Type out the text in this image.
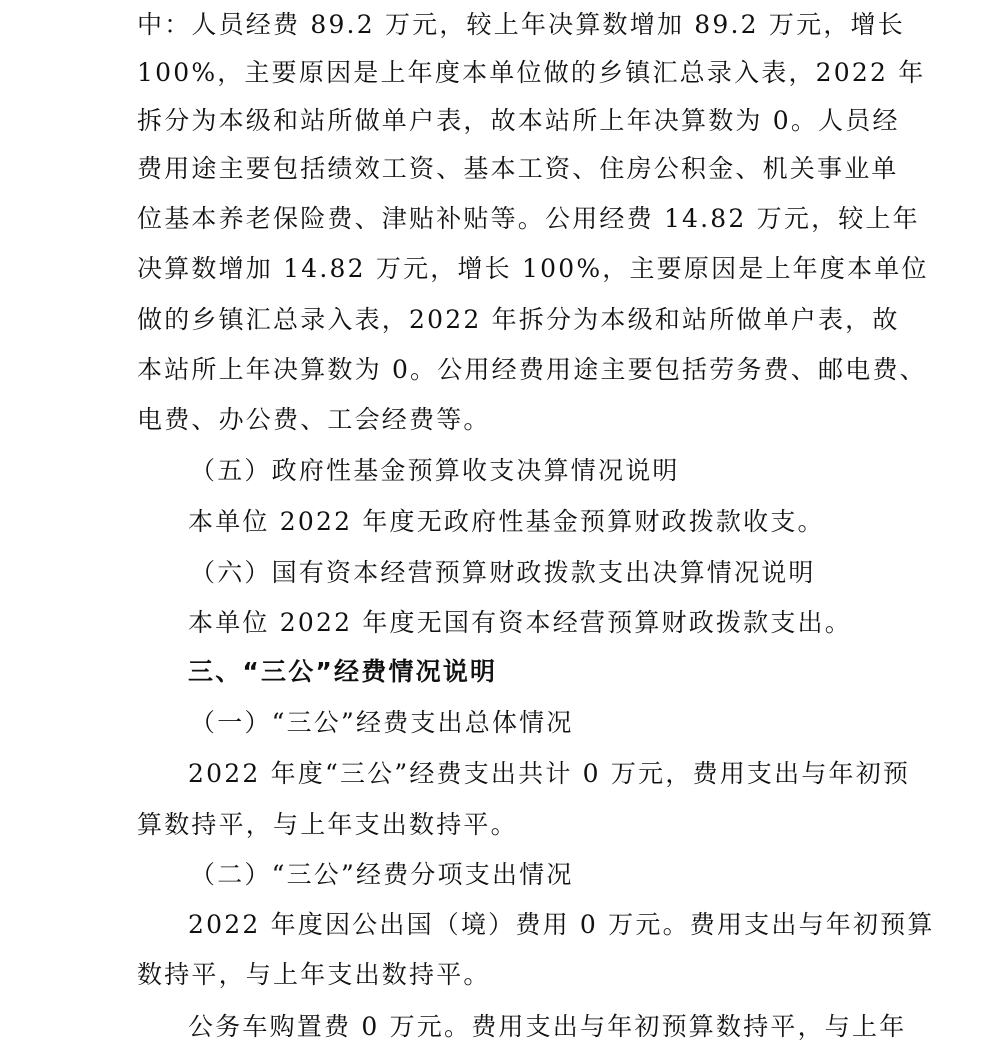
中：人员经费 89.2 万元，较上年决算数增加 89.2 万元，增长
100%，主要原因是上年度本单位做的乡镇汇总录入表，2022 年
拆分为本级和站所做单户表，故本站所上年决算数为 0。人员经
费用途主要包括绩效工资、基本工资、住房公积金、机关事业单
位基本养老保险费、津贴补贴等。公用经费 14.82 万元，较上年
决算数增加 14.82 万元，增长 100%，主要原因是上年度本单位
做的乡镇汇总录入表，2022 年拆分为本级和站所做单户表，故
本站所上年决算数为 0。公用经费用途主要包括劳务费、邮电费、
电费、办公费、工会经费等。
（五）政府性基金预算收支决算情况说明
本单位 2022 年度无政府性基金预算财政拨款收支。
（六）国有资本经营预算财政拨款支出决算情况说明
本单位 2022 年度无国有资本经营预算财政拨款支出。
三、“三公”经费情况说明
（一）“三公”经费支出总体情况
2022 年度“三公”经费支出共计 0 万元，费用支出与年初预
算数持平，与上年支出数持平。
（二）“三公”经费分项支出情况
2022 年度因公出国（境）费用 0 万元。费用支出与年初预算
数持平，与上年支出数持平。
公务车购置费 0 万元。费用支出与年初预算数持平，与上年
